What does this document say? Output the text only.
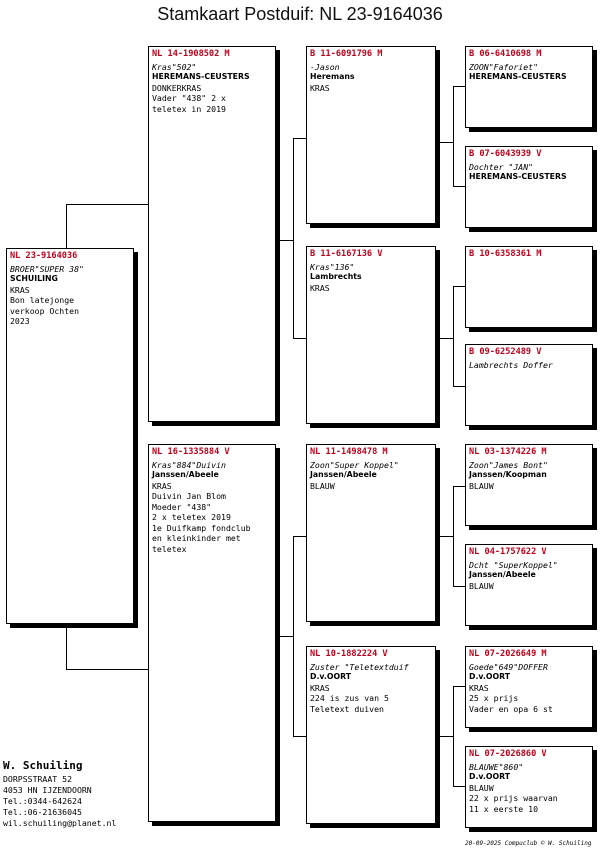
Stamkaart Postduif: NL 23-9164036
NL 23-9164036
BROER"SUPER 38"
SCHUILING
KRAS
Bon latejonge
verkoop Ochten
2023
NL 14-1908502 M
Kras"502"
HEREMANS-CEUSTERS
DONKERKRAS
Vader "438" 2 x
teletex in 2019
NL 16-1335884 V
Kras"884"Duivin
Janssen/Abeele
KRAS
Duivin Jan Blom
Moeder "438"
2 x teletex 2019
1e Duifkamp fondclub
en kleinkinder met
teletex
B 11-6091796 M
-Jason
Heremans
KRAS
B 11-6167136 V
Kras"136"
Lambrechts
KRAS
NL 11-1498478 M
Zoon"Super Koppel"
Janssen/Abeele
BLAUW
NL 10-1882224 V
Zuster "Teletextduif
D.v.OORT
KRAS
224 is zus van 5
Teletext duiven
B 06-6410698 M
ZOON"Faforiet"
HEREMANS-CEUSTERS
B 07-6043939 V
Dochter "JAN"
HEREMANS-CEUSTERS
B 10-6358361 M
B 09-6252489 V
Lambrechts Doffer
NL 03-1374226 M
Zoon"James Bont"
Janssen/Koopman
BLAUW
NL 04-1757622 V
Dcht "SuperKoppel"
Janssen/Abeele
BLAUW
NL 07-2026649 M
Goede"649"DOFFER
D.v.OORT
KRAS
25 x prijs
Vader en opa 6 st
NL 07-2026860 V
BLAUWE"860"
D.v.OORT
BLAUW
22 x prijs waarvan
11 x eerste 10
W. Schuiling
DORPSSTRAAT 52
4053 HN IJZENDOORN
Tel.:0344-642624
Tel.:06-21636045
wil.schuiling@planet.nl
20-09-2025 Compuclub © W. Schuiling
